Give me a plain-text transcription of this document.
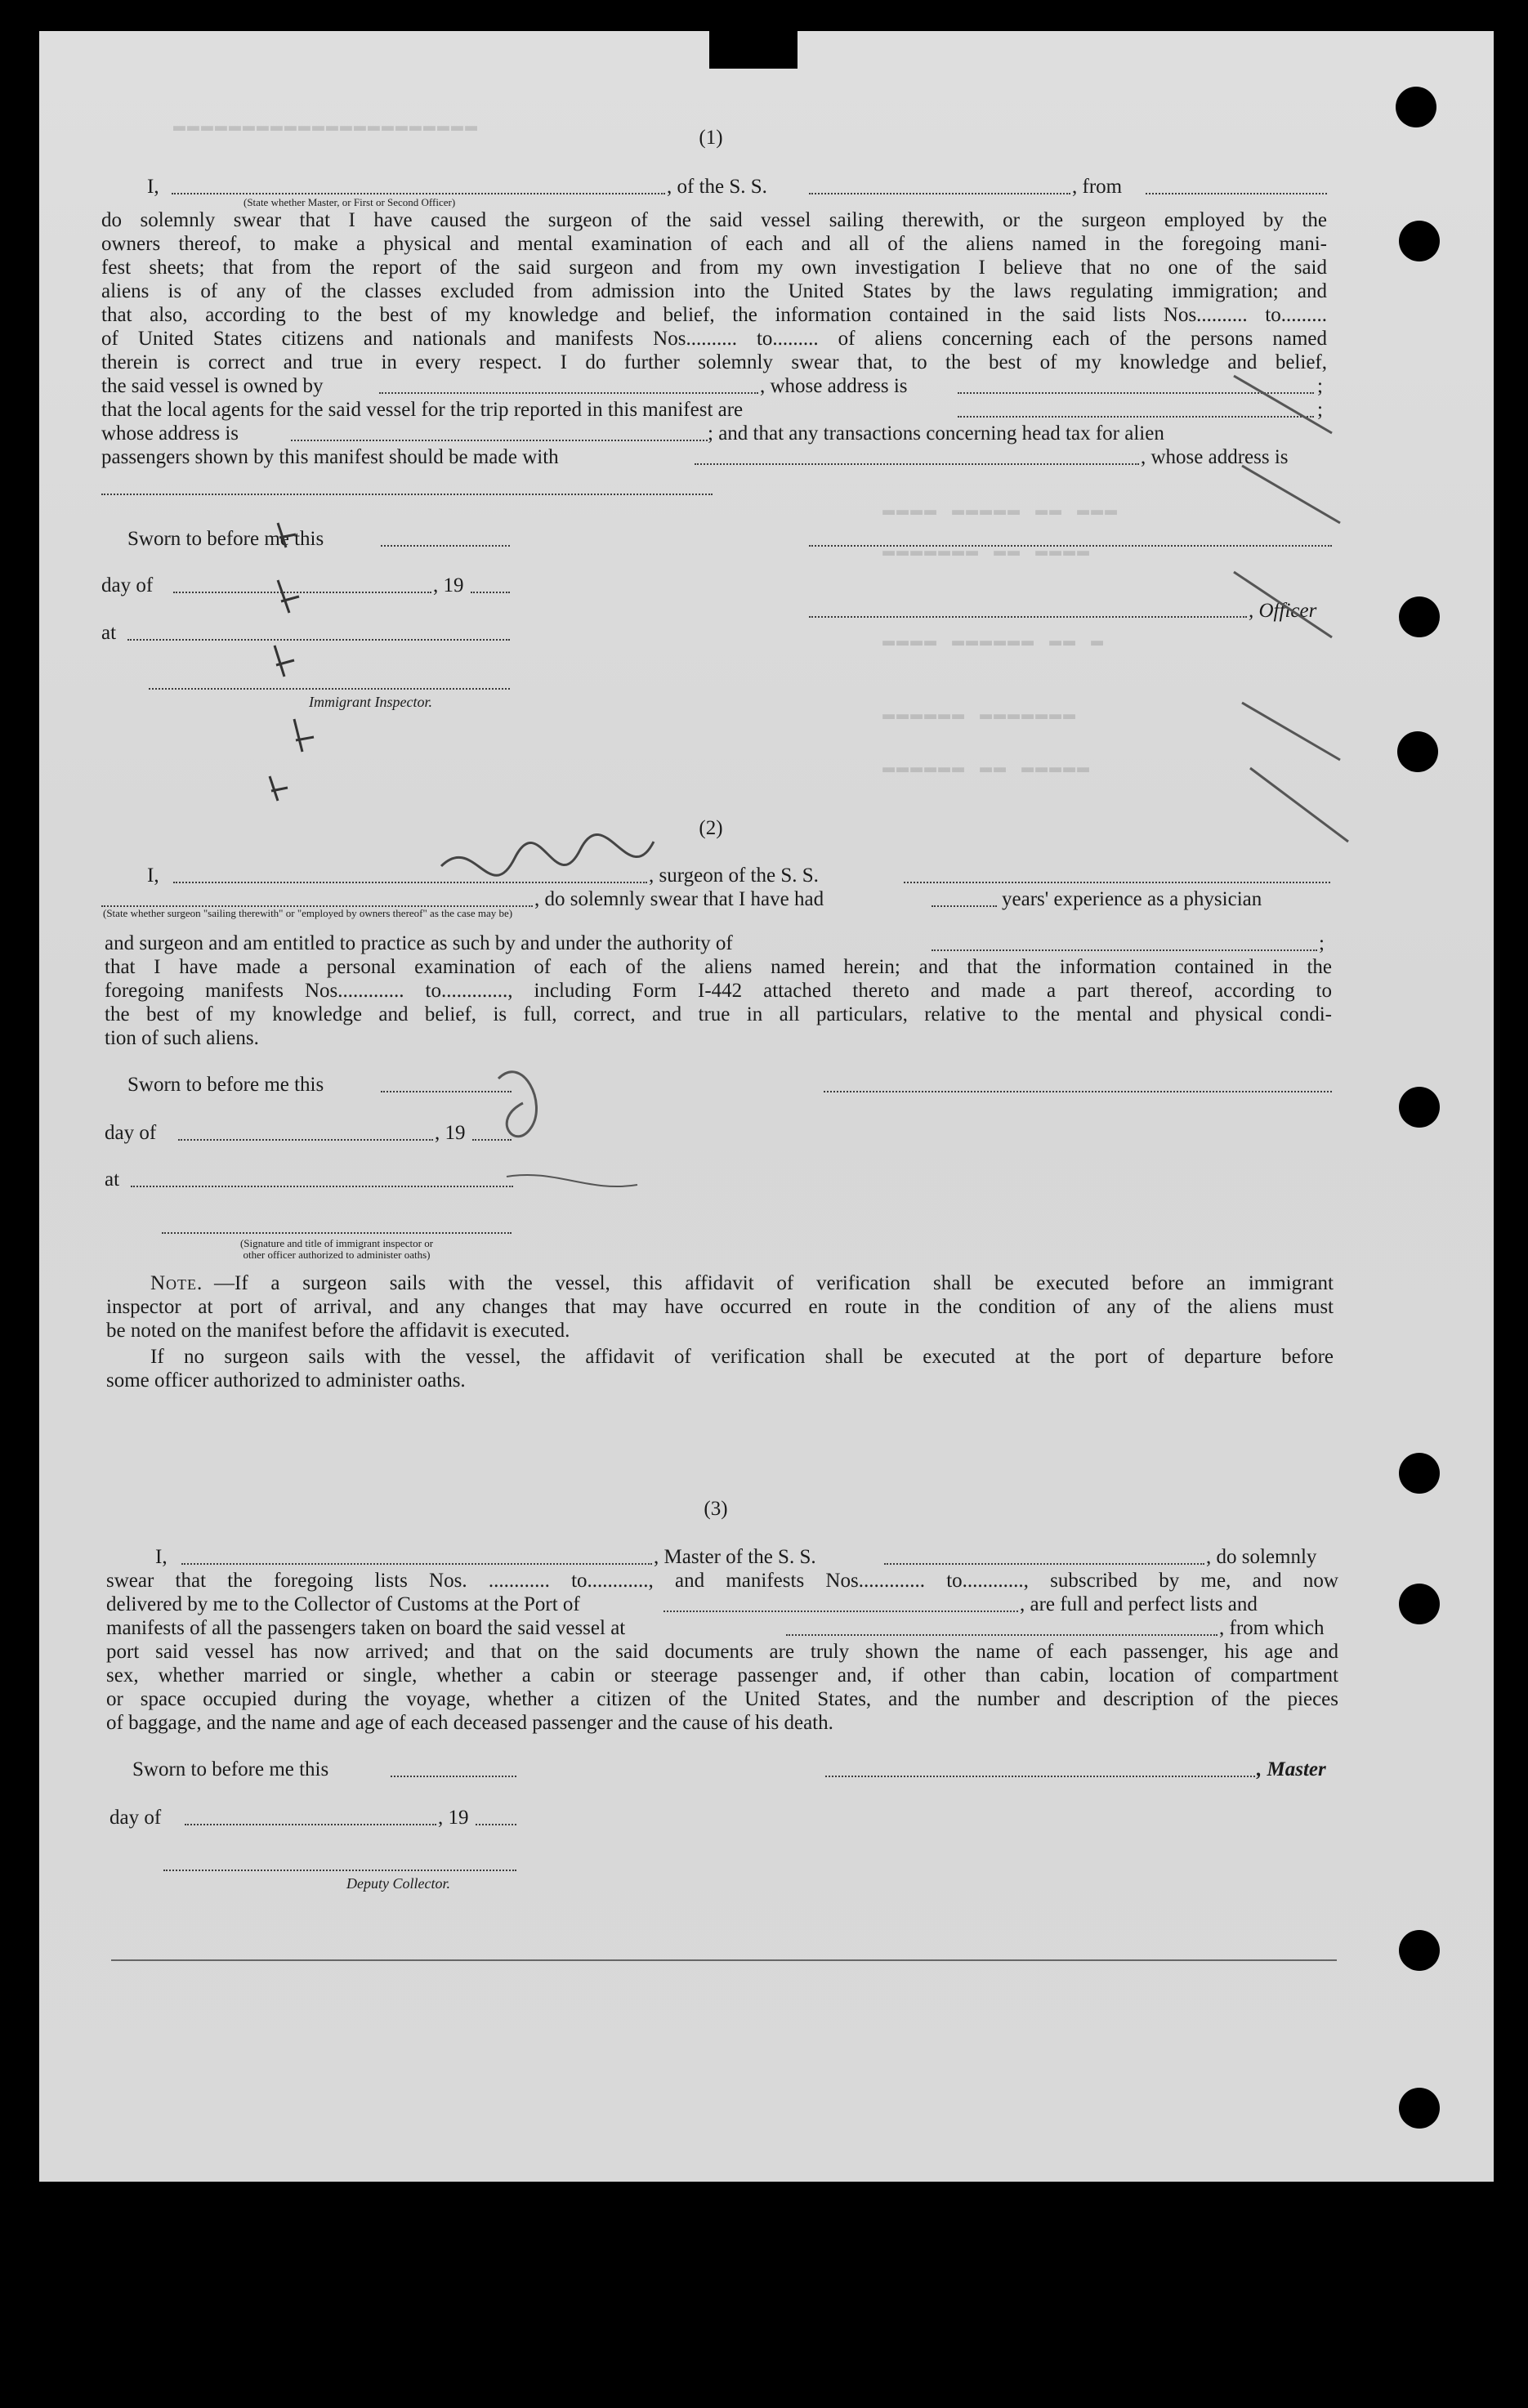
▬▬▬▬▬▬▬▬▬▬▬▬▬▬▬▬▬▬▬▬▬▬
▬▬▬▬ ▬▬▬▬▬ ▬▬ ▬▬▬
▬▬▬▬▬▬▬ ▬▬ ▬▬▬▬
▬▬▬▬ ▬▬▬▬▬▬ ▬▬ ▬
▬▬▬▬▬▬ ▬▬▬▬▬▬▬
▬▬▬▬▬▬ ▬▬ ▬▬▬▬▬
(1)
I,	, of the S. S.	, from
(State whether Master, or First or Second Officer)
do solemnly swear that I have caused the surgeon of the said vessel sailing therewith, or the surgeon employed by the
owners thereof, to make a physical and mental examination of each and all of the aliens named in the foregoing mani-
fest sheets; that from the report of the said surgeon and from my own investigation I believe that no one of the said
aliens is of any of the classes excluded from admission into the United States by the laws regulating immigration; and
that also, according to the best of my knowledge and belief, the information contained in the said lists Nos.......... to.........
of United States citizens and nationals and manifests Nos.......... to......... of aliens concerning each of the persons named
therein is correct and true in every respect. I do further solemnly swear that, to the best of my knowledge and belief,
the said vessel is owned by	, whose address is	;
that the local agents for the said vessel for the trip reported in this manifest are	;
whose address is	; and that any transactions concerning head tax for alien
passengers shown by this manifest should be made with	, whose address is
Sworn to before me this
day of	, 19
, Officer
at
Immigrant Inspector.
(2)
I,	, surgeon of the S. S.
, do solemnly swear that I have had	years' experience as a physician
(State whether surgeon "sailing therewith" or "employed by owners thereof" as the case may be)
and surgeon and am entitled to practice as such by and under the authority of	;
that I have made a personal examination of each of the aliens named herein; and that the information contained in the
foregoing manifests Nos............. to............., including Form I-442 attached thereto and made a part thereof, according to
the best of my knowledge and belief, is full, correct, and true in all particulars, relative to the mental and physical condi-
tion of such aliens.
Sworn to before me this
day of	, 19
at
(Signature and title of immigrant inspector or
other officer authorized to administer oaths)
Note. —If a surgeon sails with the vessel, this affidavit of verification shall be executed before an immigrant
inspector at port of arrival, and any changes that may have occurred en route in the condition of any of the aliens must
be noted on the manifest before the affidavit is executed.
If no surgeon sails with the vessel, the affidavit of verification shall be executed at the port of departure before
some officer authorized to administer oaths.
(3)
I,	, Master of the S. S.	, do solemnly
swear that the foregoing lists Nos. ............ to............, and manifests Nos............. to............, subscribed by me, and now
delivered by me to the Collector of Customs at the Port of	, are full and perfect lists and
manifests of all the passengers taken on board the said vessel at	, from which
port said vessel has now arrived; and that on the said documents are truly shown the name of each passenger, his age and
sex, whether married or single, whether a cabin or steerage passenger and, if other than cabin, location of compartment
or space occupied during the voyage, whether a citizen of the United States, and the number and description of the pieces
of baggage, and the name and age of each deceased passenger and the cause of his death.
Sworn to before me this	, Master
day of	, 19
Deputy Collector.
